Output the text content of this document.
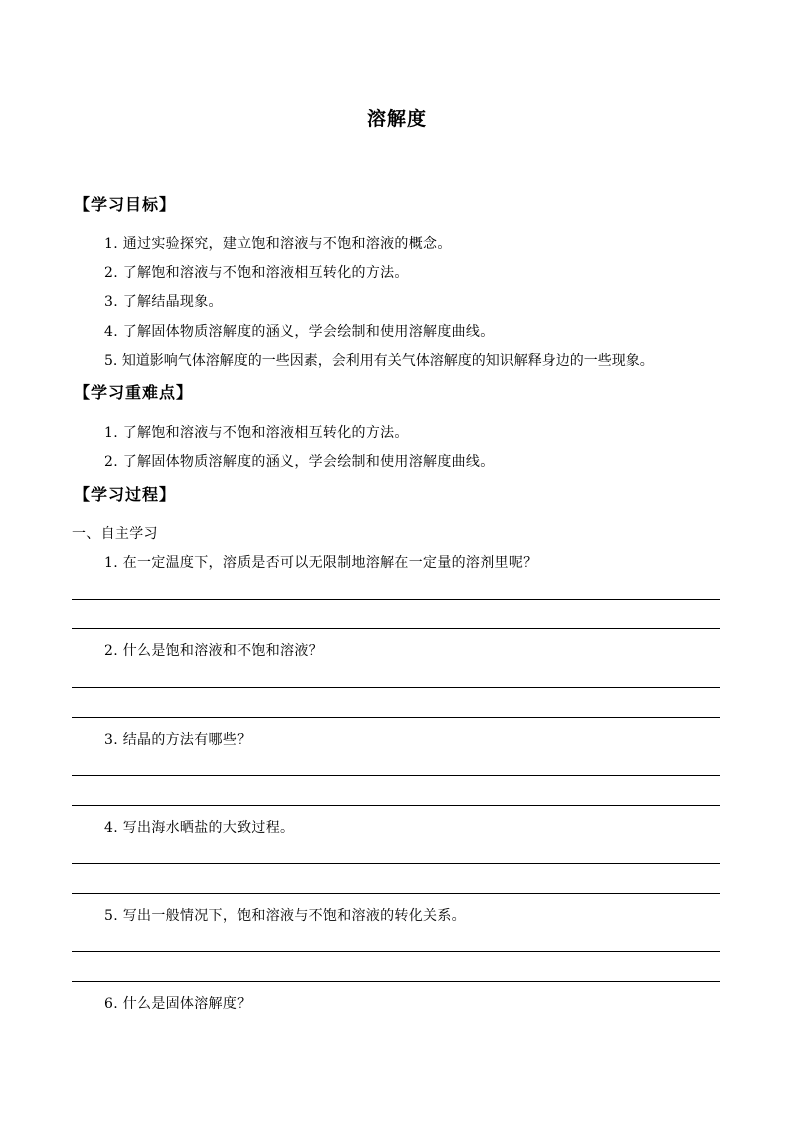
溶解度
【学习目标】
1. 通过实验探究，建立饱和溶液与不饱和溶液的概念。
2. 了解饱和溶液与不饱和溶液相互转化的方法。
3. 了解结晶现象。
4. 了解固体物质溶解度的涵义，学会绘制和使用溶解度曲线。
5. 知道影响气体溶解度的一些因素，会利用有关气体溶解度的知识解释身边的一些现象。
【学习重难点】
1. 了解饱和溶液与不饱和溶液相互转化的方法。
2. 了解固体物质溶解度的涵义，学会绘制和使用溶解度曲线。
【学习过程】
一、自主学习
1. 在一定温度下，溶质是否可以无限制地溶解在一定量的溶剂里呢？
2. 什么是饱和溶液和不饱和溶液？
3. 结晶的方法有哪些？
4. 写出海水晒盐的大致过程。
5. 写出一般情况下，饱和溶液与不饱和溶液的转化关系。
6. 什么是固体溶解度？
